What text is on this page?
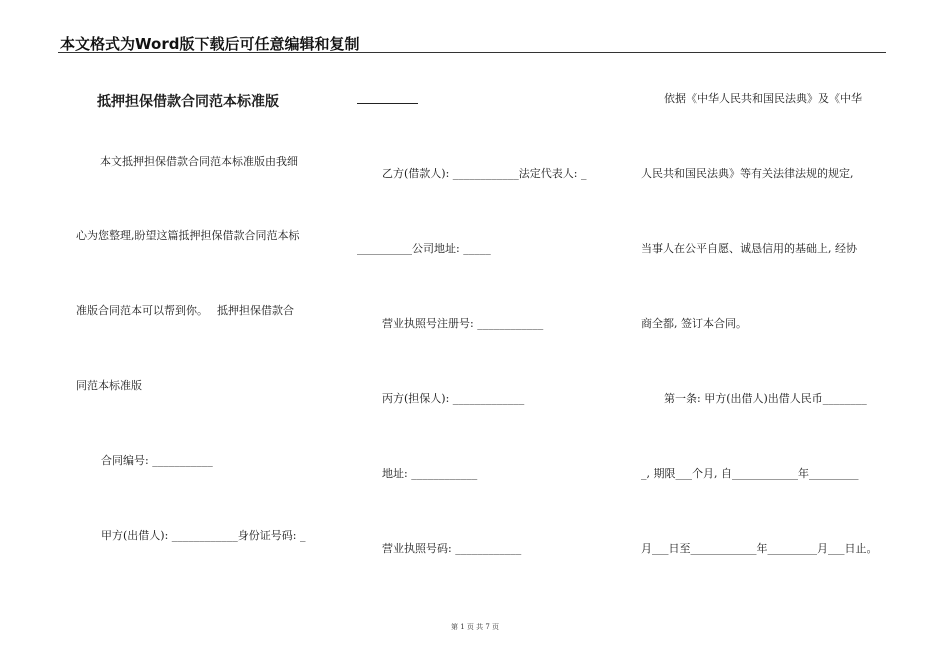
本文格式为Word版下载后可任意编辑和复制
抵押担保借款合同范本标准版
本文抵押担保借款合同范本标准版由我细
心为您整理,盼望这篇抵押担保借款合同范本标
准版合同范本可以帮到你。　 抵押担保借款合
同范本标准版
合同编号: ___________
甲方(出借人): ____________身份证号码: _
乙方(借款人): ____________法定代表人: _
__________公司地址: _____
营业执照号注册号: ____________
丙方(担保人): _____________
地址: ____________
营业执照号码: ____________
依据《中华人民共和国民法典》及《中华
人民共和国民法典》等有关法律法规的规定,
当事人在公平自愿、诚恳信用的基础上, 经协
商全都, 签订本合同。
第一条: 甲方(出借人)出借人民币________
_, 期限___个月, 自____________年_________
月___日至____________年_________月___日止。
第 1 页 共 7 页
